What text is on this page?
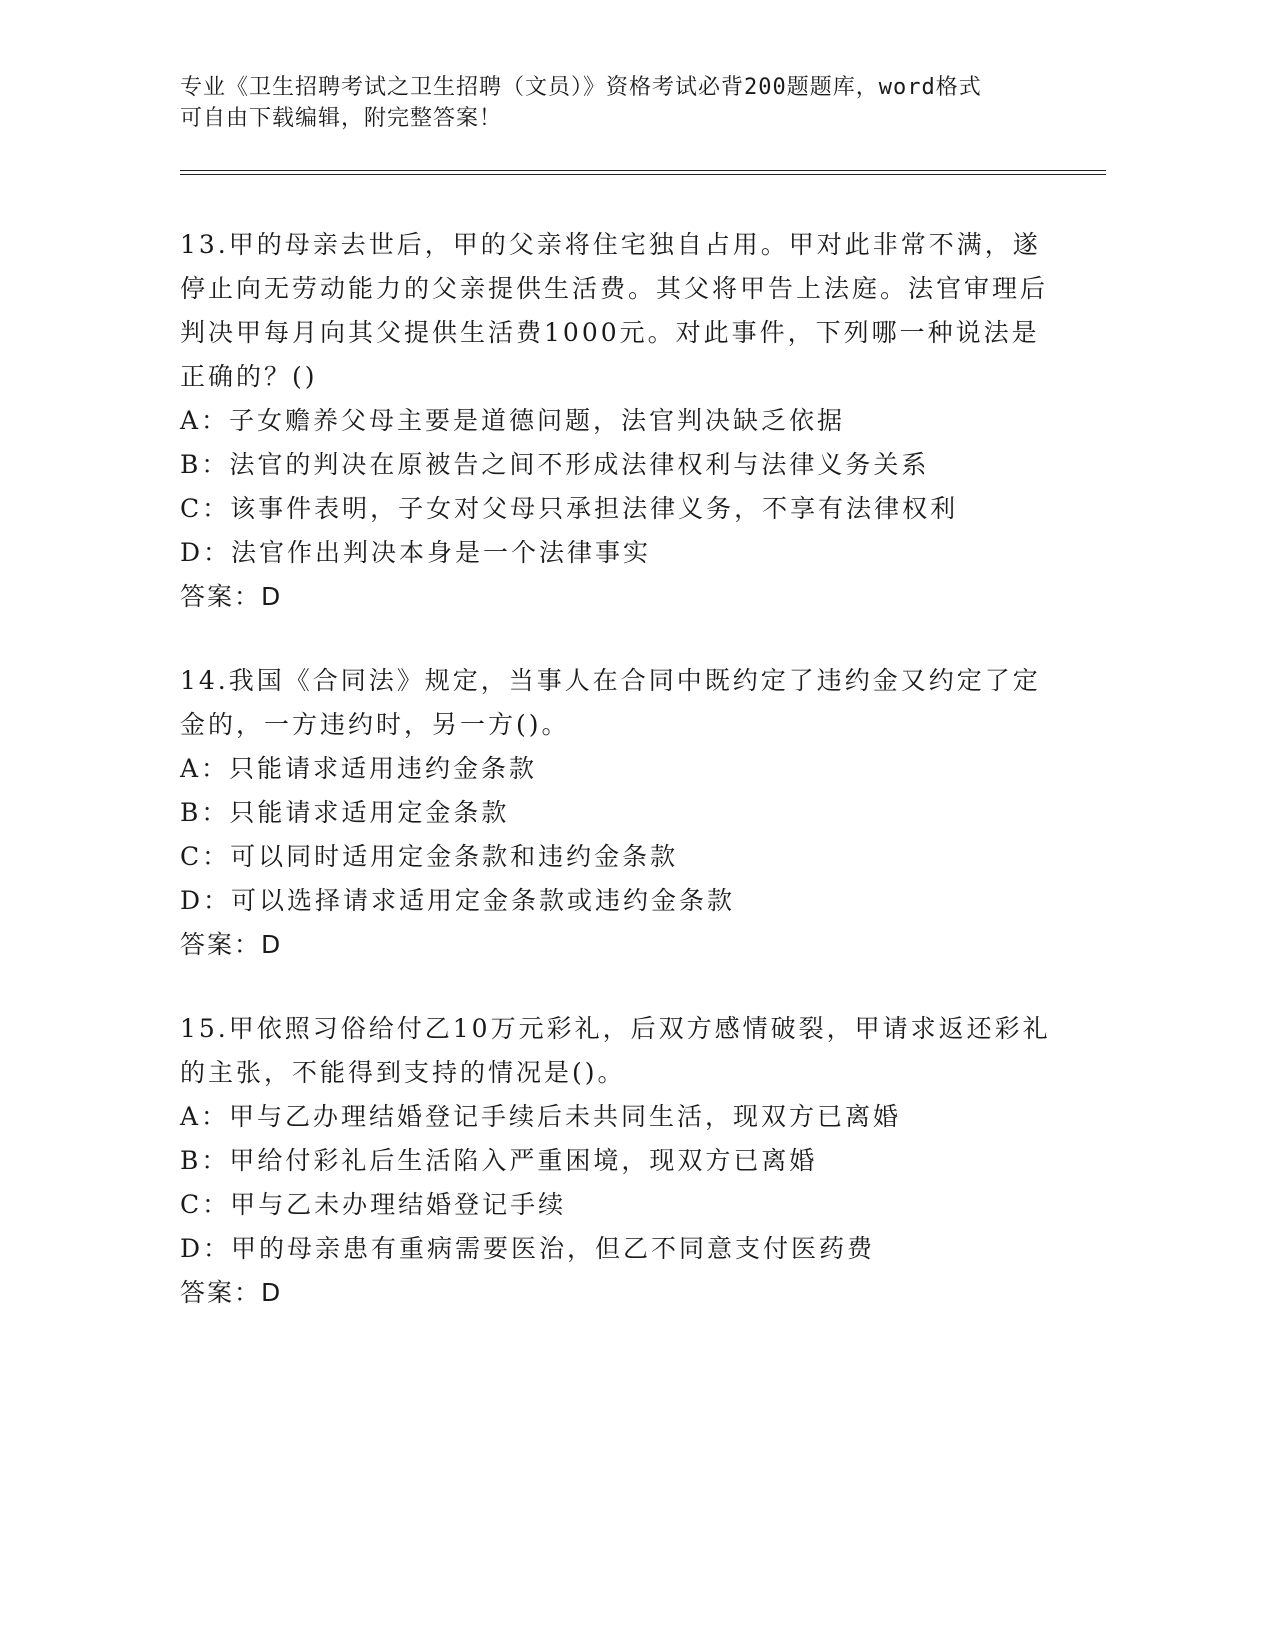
专业《卫生招聘考试之卫生招聘（文员）》资格考试必背200题题库，word格式
可自由下载编辑，附完整答案！

13.甲的母亲去世后，甲的父亲将住宅独自占用。甲对此非常不满，遂停止向无劳动能力的父亲提供生活费。其父将甲告上法庭。法官审理后判决甲每月向其父提供生活费1000元。对此事件，下列哪一种说法是正确的？()

A：子女赡养父母主要是道德问题，法官判决缺乏依据

B：法官的判决在原被告之间不形成法律权利与法律义务关系

C：该事件表明，子女对父母只承担法律义务，不享有法律权利

D：法官作出判决本身是一个法律事实

答案：D

14.我国《合同法》规定，当事人在合同中既约定了违约金又约定了定金的，一方违约时，另一方()。

A：只能请求适用违约金条款

B：只能请求适用定金条款

C：可以同时适用定金条款和违约金条款

D：可以选择请求适用定金条款或违约金条款

答案：D

15.甲依照习俗给付乙10万元彩礼，后双方感情破裂，甲请求返还彩礼的主张，不能得到支持的情况是()。

A：甲与乙办理结婚登记手续后未共同生活，现双方已离婚

B：甲给付彩礼后生活陷入严重困境，现双方已离婚

C：甲与乙未办理结婚登记手续

D：甲的母亲患有重病需要医治，但乙不同意支付医药费

答案：D
